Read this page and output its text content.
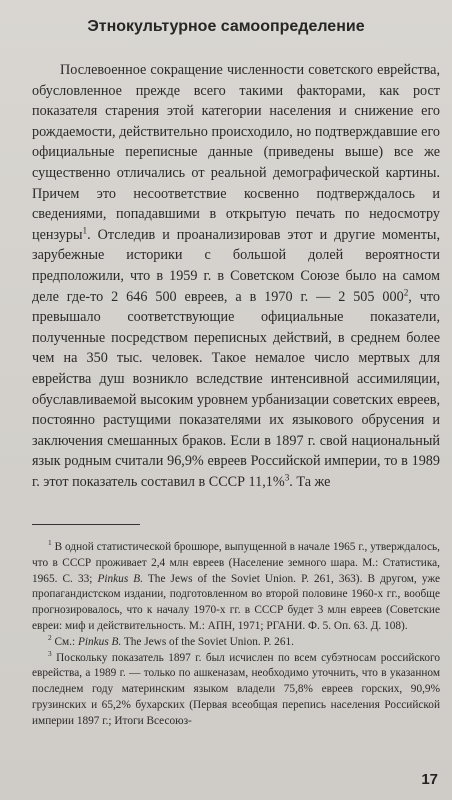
Этнокультурное самоопределение
Послевоенное сокращение численности советского еврейства, обусловленное прежде всего такими факторами, как рост показателя старения этой категории населения и снижение его рождаемости, действительно происходило, но подтверждавшие его официальные переписные данные (приведены выше) все же существенно отличались от реальной демографической картины. Причем это несоответствие косвенно подтверждалось и сведениями, попадавшими в открытую печать по недосмотру цензуры$^1$. Отследив и проанализировав этот и другие моменты, зарубежные историки с большой долей вероятности предположили, что в 1959 г. в Советском Союзе было на самом деле где-то 2 646 500 евреев, а в 1970 г. — 2 505 $000^2$, что превышало соответствующие официальные показатели, полученные посредством переписных действий, в среднем более чем на 350 тыс. человек. Такое немалое число мертвых для еврейства душ возникло вследствие интенсивной ассимиляции, обуславливаемой высоким уровнем урбанизации советских евреев, постоянно растущими показателями их языкового обрусения и заключения смешанных браков. Если в 1897 г. свой национальный язык родным считали 96,9% евреев Российской империи, то в 1989 г. этот показатель составил в СССР 11,1%$^3$. Та же

$^1$ В одной статистической брошюре, выпущенной в начале 1965 г., утверждалось, что в СССР проживает 2,4 млн евреев (Население земного шара. М.: Статистика, 1965. С. 33; Pinkus B. The Jews of the Soviet Union. P. 261, 363). В другом, уже пропагандистском издании, подготовленном во второй половине 1960-х гг., вообще прогнозировалось, что к началу 1970-х гг. в СССР будет 3 млн евреев (Советские евреи: миф и действительность. М.: АПН, 1971; РГАНИ. Ф. 5. Оп. 63. Д. 108).

$^2$ См.: Pinkus B. The Jews of the Soviet Union. P. 261.

$^3$ Поскольку показатель 1897 г. был исчислен по всем субэтносам российского еврейства, а 1989 г. — только по ашкеназам, необходимо уточнить, что в указанном последнем году материнским языком владели 75,8% евреев горских, 90,9% грузинских и 65,2% бухарских (Первая всеобщая перепись населения Российской империи 1897 г.; Итоги Всесоюз-

17
